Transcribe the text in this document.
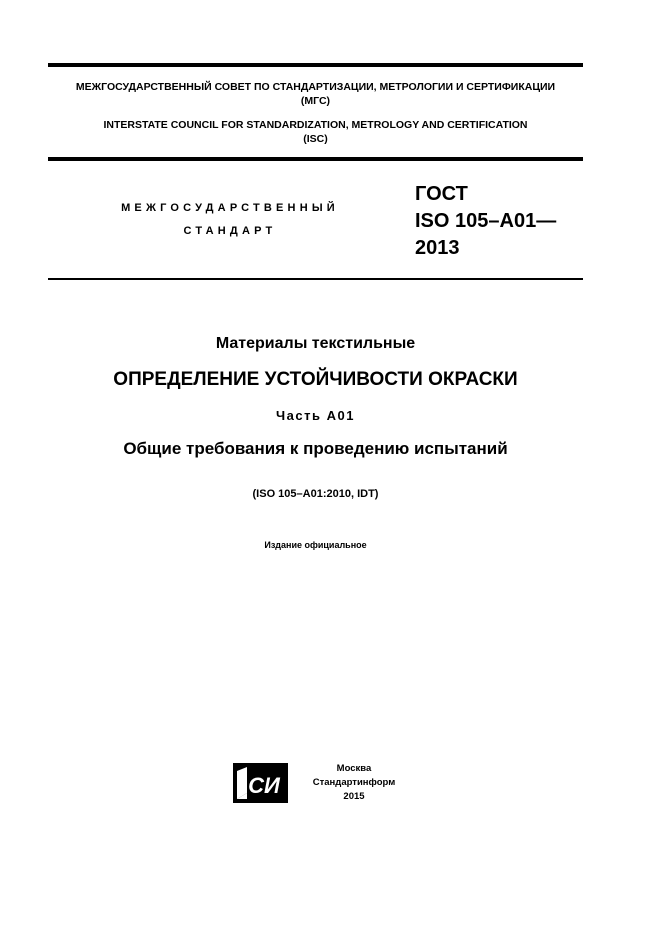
МЕЖГОСУДАРСТВЕННЫЙ СОВЕТ ПО СТАНДАРТИЗАЦИИ, МЕТРОЛОГИИ И СЕРТИФИКАЦИИ
(МГС)
INTERSTATE COUNCIL FOR STANDARDIZATION, METROLOGY AND CERTIFICATION
(ISC)
МЕЖГОСУДАРСТВЕННЫЙ
СТАНДАРТ
ГОСТ
ISO 105–A01—
2013
Материалы текстильные
ОПРЕДЕЛЕНИЕ УСТОЙЧИВОСТИ ОКРАСКИ
Часть A01
Общие требования к проведению испытаний
(ISO 105–A01:2010, IDT)
Издание официальное
СИ
Москва
Стандартинформ
2015
